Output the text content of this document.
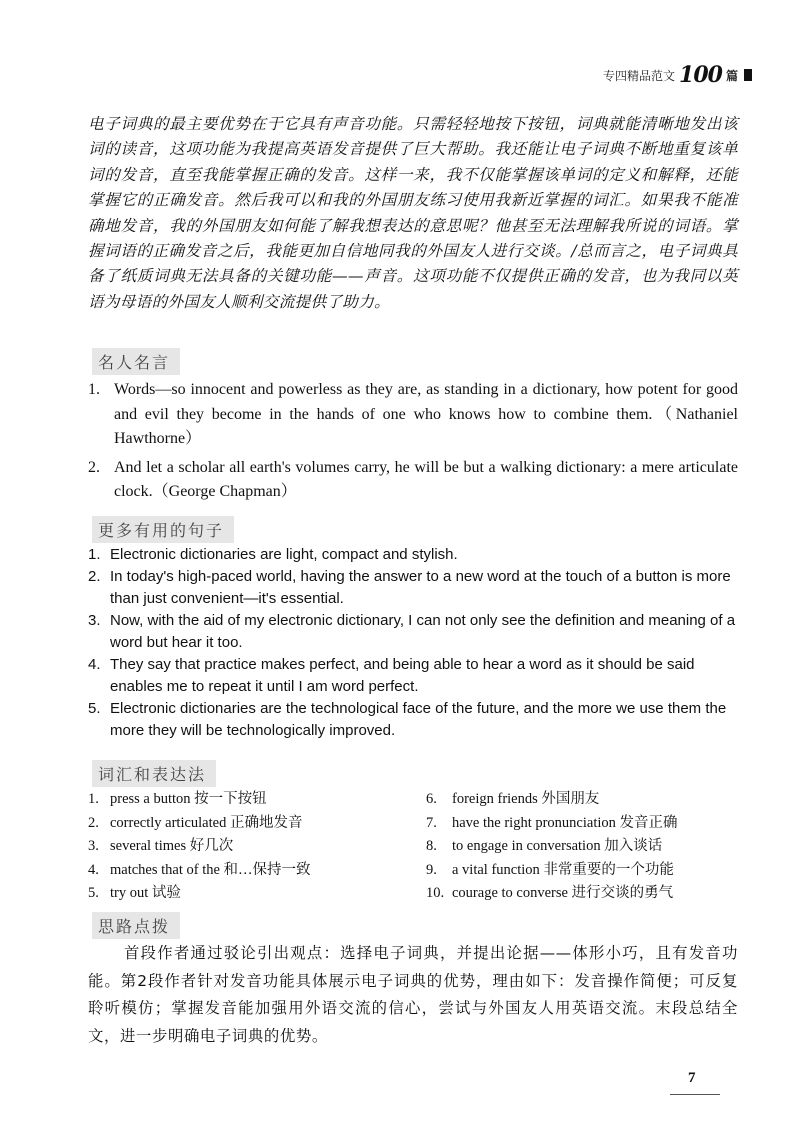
专四精品范文 100 篇

电子词典的最主要优势在于它具有声音功能。只需轻轻地按下按钮，词典就能清晰地发出该词的读音，这项功能为我提高英语发音提供了巨大帮助。我还能让电子词典不断地重复该单词的发音，直至我能掌握正确的发音。这样一来，我不仅能掌握该单词的定义和解释，还能掌握它的正确发音。然后我可以和我的外国朋友练习使用我新近掌握的词汇。如果我不能准确地发音，我的外国朋友如何能了解我想表达的意思呢？他甚至无法理解我所说的词语。掌握词语的正确发音之后，我能更加自信地同我的外国友人进行交谈。/总而言之，电子词典具备了纸质词典无法具备的关键功能——声音。这项功能不仅提供正确的发音，也为我同以英语为母语的外国友人顺利交流提供了助力。

名人名言
1. Words—so innocent and powerless as they are, as standing in a dictionary, how potent for good and evil they become in the hands of one who knows how to combine them.（Nathaniel Hawthorne）
2. And let a scholar all earth's volumes carry, he will be but a walking dictionary: a mere articulate clock.（George Chapman）
更多有用的句子
1. Electronic dictionaries are light, compact and stylish.
2. In today's high-paced world, having the answer to a new word at the touch of a button is more than just convenient—it's essential.
3. Now, with the aid of my electronic dictionary, I can not only see the definition and meaning of a word but hear it too.
4. They say that practice makes perfect, and being able to hear a word as it should be said enables me to repeat it until I am word perfect.
5. Electronic dictionaries are the technological face of the future, and the more we use them the more they will be technologically improved.
词汇和表达法
1. press a button 按一下按钮
2. correctly articulated 正确地发音
3. several times 好几次
4. matches that of the 和…保持一致
5. try out 试验
6. foreign friends 外国朋友
7. have the right pronunciation 发音正确
8. to engage in conversation 加入谈话
9. a vital function 非常重要的一个功能
10. courage to converse 进行交谈的勇气
思路点拨

首段作者通过驳论引出观点：选择电子词典，并提出论据——体形小巧，且有发音功能。第2段作者针对发音功能具体展示电子词典的优势，理由如下：发音操作简便；可反复聆听模仿；掌握发音能加强用外语交流的信心，尝试与外国友人用英语交流。末段总结全文，进一步明确电子词典的优势。

7
